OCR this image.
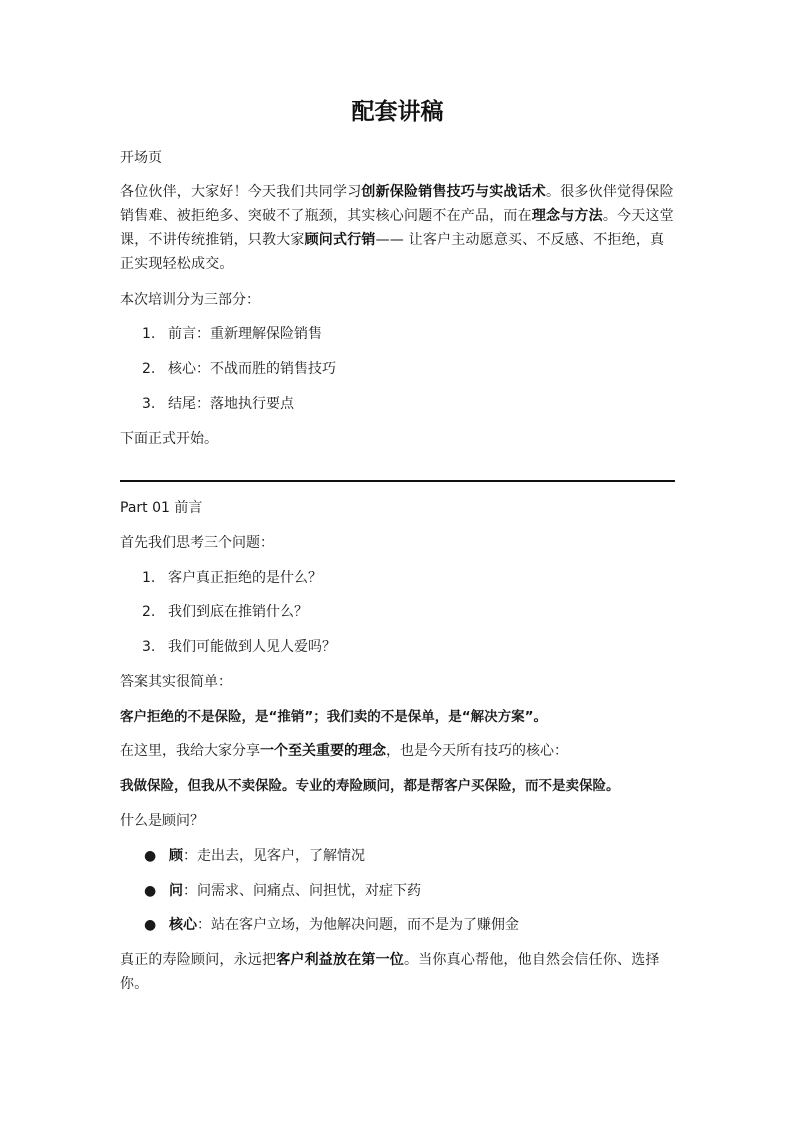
配套讲稿

开场页

各位伙伴，大家好！今天我们共同学习创新保险销售技巧与实战话术。很多伙伴觉得保险销售难、被拒绝多、突破不了瓶颈，其实核心问题不在产品，而在理念与方法。今天这堂课，不讲传统推销，只教大家顾问式行销—— 让客户主动愿意买、不反感、不拒绝，真正实现轻松成交。

本次培训分为三部分：

1. 前言：重新理解保险销售
2. 核心：不战而胜的销售技巧
3. 结尾：落地执行要点

下面正式开始。

Part 01 前言

首先我们思考三个问题：

1. 客户真正拒绝的是什么？
2. 我们到底在推销什么？
3. 我们可能做到人见人爱吗？

答案其实很简单：

客户拒绝的不是保险，是“推销”；我们卖的不是保单，是“解决方案”。

在这里，我给大家分享一个至关重要的理念，也是今天所有技巧的核心：

我做保险，但我从不卖保险。专业的寿险顾问，都是帮客户买保险，而不是卖保险。

什么是顾问？

● 顾：走出去，见客户，了解情况
● 问：问需求、问痛点、问担忧，对症下药
● 核心：站在客户立场，为他解决问题，而不是为了赚佣金

真正的寿险顾问，永远把客户利益放在第一位。当你真心帮他，他自然会信任你、选择你。
